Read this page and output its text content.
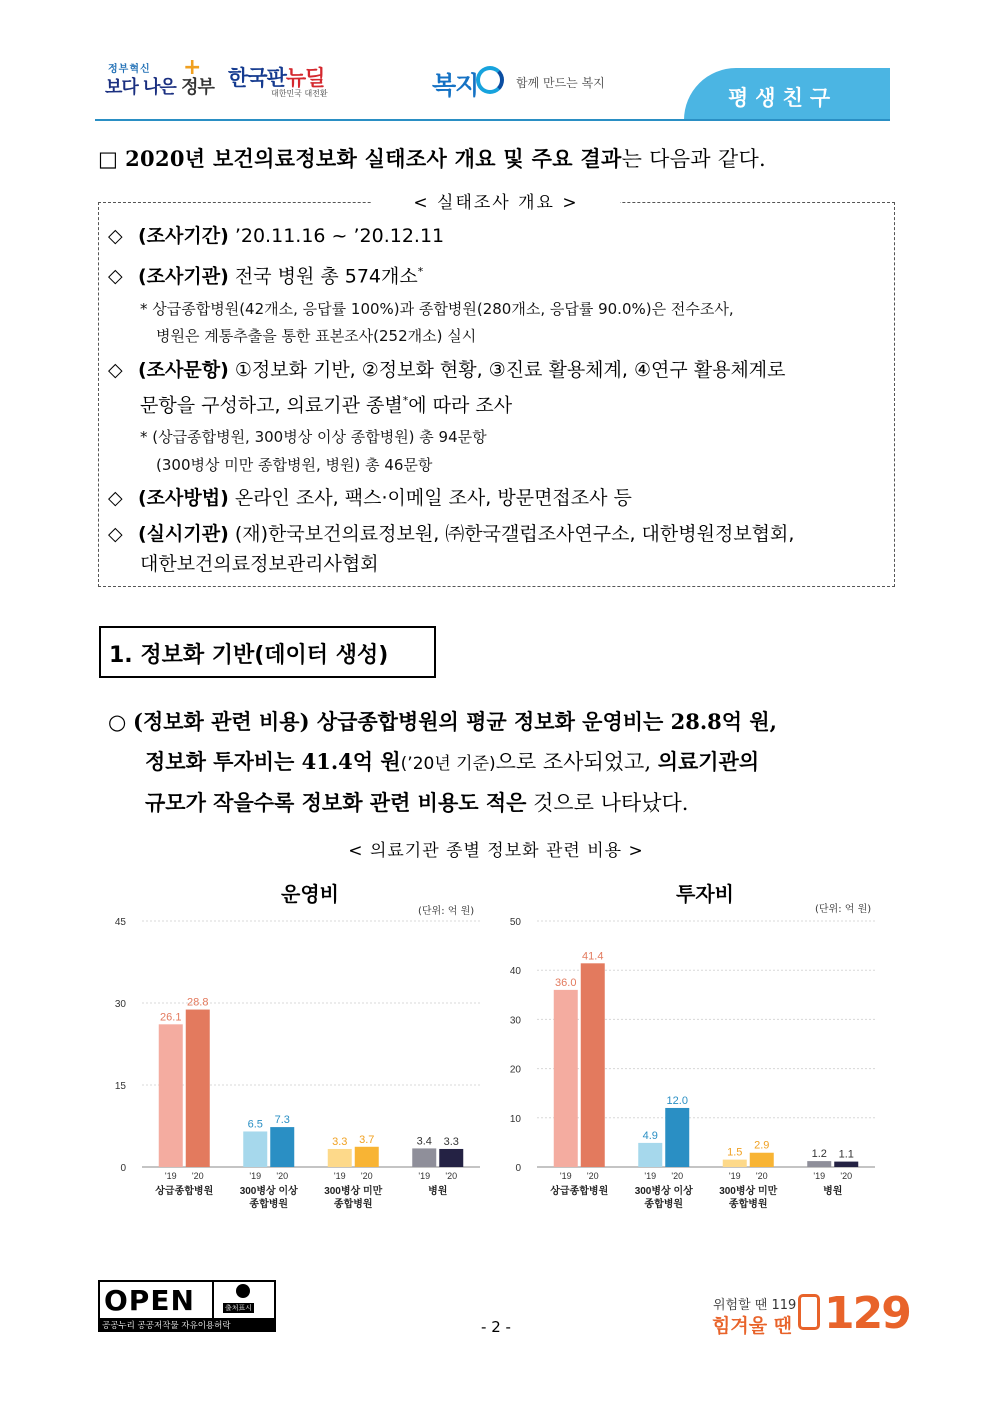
정부혁신
보다 나은 정부
+ 한국판뉴딜
대한민국 대전환	복지	함께 만드는 복지
평생친구
□ 2020년 보건의료정보화 실태조사 개요 및 주요 결과는 다음과 같다.
< 실태조사 개요 >
◇ (조사기간) ’20.11.16 ~ ’20.12.11
◇ (조사기관) 전국 병원 총 574개소*
* 상급종합병원(42개소, 응답률 100%)과 종합병원(280개소, 응답률 90.0%)은 전수조사,
병원은 계통추출을 통한 표본조사(252개소) 실시
◇ (조사문항) ①정보화 기반, ②정보화 현황, ③진료 활용체계, ④연구 활용체계로
문항을 구성하고, 의료기관 종별*에 따라 조사
* (상급종합병원, 300병상 이상 종합병원) 총 94문항
(300병상 미만 종합병원, 병원) 총 46문항
◇ (조사방법) 온라인 조사, 팩스·이메일 조사, 방문면접조사 등
◇ (실시기관) (재)한국보건의료정보원, ㈜한국갤럽조사연구소, 대한병원정보협회,
대한보건의료정보관리사협회
1. 정보화 기반(데이터 생성)
○ (정보화 관련 비용) 상급종합병원의 평균 정보화 운영비는 28.8억 원,
정보화 투자비는 41.4억 원(’20년 기준)으로 조사되었고, 의료기관의
규모가 작을수록 정보화 관련 비용도 적은 것으로 나타났다.
< 의료기관 종별 정보화 관련 비용 >
운영비
(단위: 억 원)
0
15
30
45
26.1
'19
28.8
'20
상급종합병원
6.5
'19
7.3
'20
300병상 이상
종합병원
3.3
'19
3.7
'20
300병상 미만
종합병원
3.4
'19
3.3
'20
병원
투자비
(단위: 억 원)
0
10
20
30
40
50
36.0
'19
41.4
'20
상급종합병원
4.9
'19
12.0
'20
300병상 이상
종합병원
1.5
'19
2.9
'20
300병상 미만
종합병원
1.2
'19
1.1
'20
병원
OPEN	출처표시
공공누리 공공저작물 자유이용허락	- 2 -
위험할 땐 119
힘겨울 땐 129
